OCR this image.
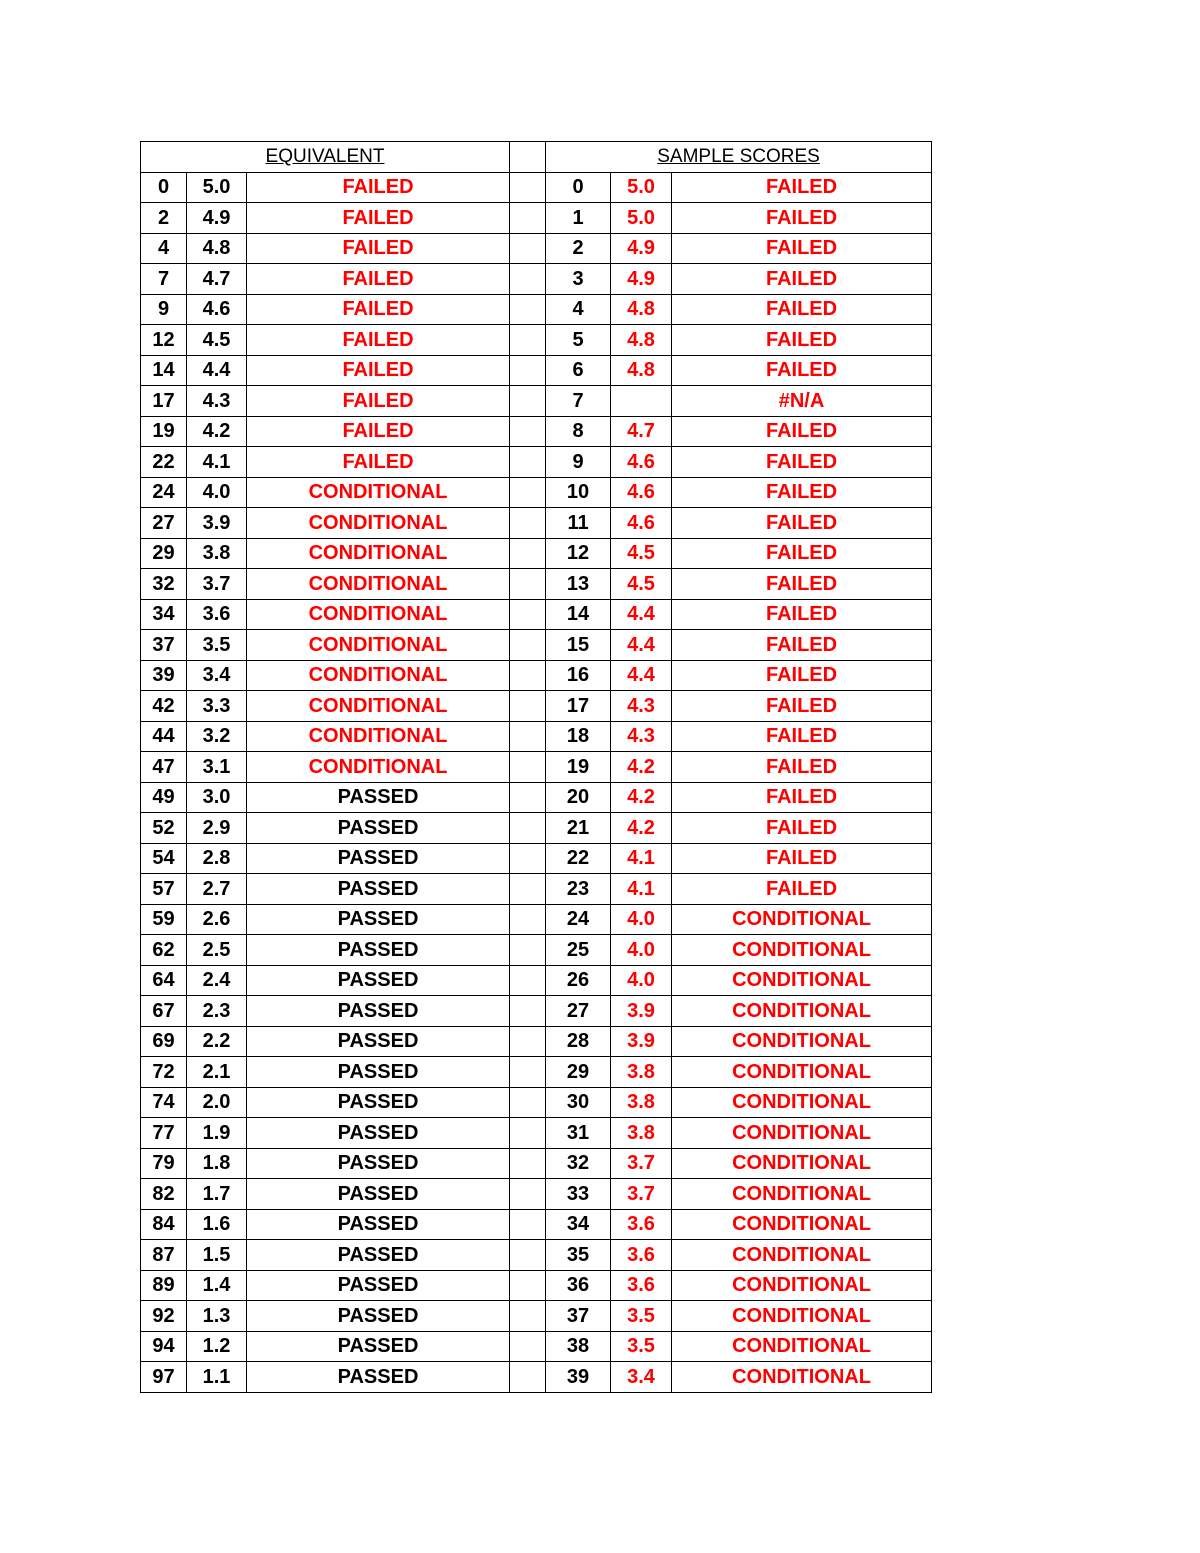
EQUIVALENT				SAMPLE SCORES		
0	5.0	FAILED		0	5.0	FAILED
2	4.9	FAILED		1	5.0	FAILED
4	4.8	FAILED		2	4.9	FAILED
7	4.7	FAILED		3	4.9	FAILED
9	4.6	FAILED		4	4.8	FAILED
12	4.5	FAILED		5	4.8	FAILED
14	4.4	FAILED		6	4.8	FAILED
17	4.3	FAILED		7		#N/A
19	4.2	FAILED		8	4.7	FAILED
22	4.1	FAILED		9	4.6	FAILED
24	4.0	CONDITIONAL		10	4.6	FAILED
27	3.9	CONDITIONAL		11	4.6	FAILED
29	3.8	CONDITIONAL		12	4.5	FAILED
32	3.7	CONDITIONAL		13	4.5	FAILED
34	3.6	CONDITIONAL		14	4.4	FAILED
37	3.5	CONDITIONAL		15	4.4	FAILED
39	3.4	CONDITIONAL		16	4.4	FAILED
42	3.3	CONDITIONAL		17	4.3	FAILED
44	3.2	CONDITIONAL		18	4.3	FAILED
47	3.1	CONDITIONAL		19	4.2	FAILED
49	3.0	PASSED		20	4.2	FAILED
52	2.9	PASSED		21	4.2	FAILED
54	2.8	PASSED		22	4.1	FAILED
57	2.7	PASSED		23	4.1	FAILED
59	2.6	PASSED		24	4.0	CONDITIONAL
62	2.5	PASSED		25	4.0	CONDITIONAL
64	2.4	PASSED		26	4.0	CONDITIONAL
67	2.3	PASSED		27	3.9	CONDITIONAL
69	2.2	PASSED		28	3.9	CONDITIONAL
72	2.1	PASSED		29	3.8	CONDITIONAL
74	2.0	PASSED		30	3.8	CONDITIONAL
77	1.9	PASSED		31	3.8	CONDITIONAL
79	1.8	PASSED		32	3.7	CONDITIONAL
82	1.7	PASSED		33	3.7	CONDITIONAL
84	1.6	PASSED		34	3.6	CONDITIONAL
87	1.5	PASSED		35	3.6	CONDITIONAL
89	1.4	PASSED		36	3.6	CONDITIONAL
92	1.3	PASSED		37	3.5	CONDITIONAL
94	1.2	PASSED		38	3.5	CONDITIONAL
97	1.1	PASSED		39	3.4	CONDITIONAL
